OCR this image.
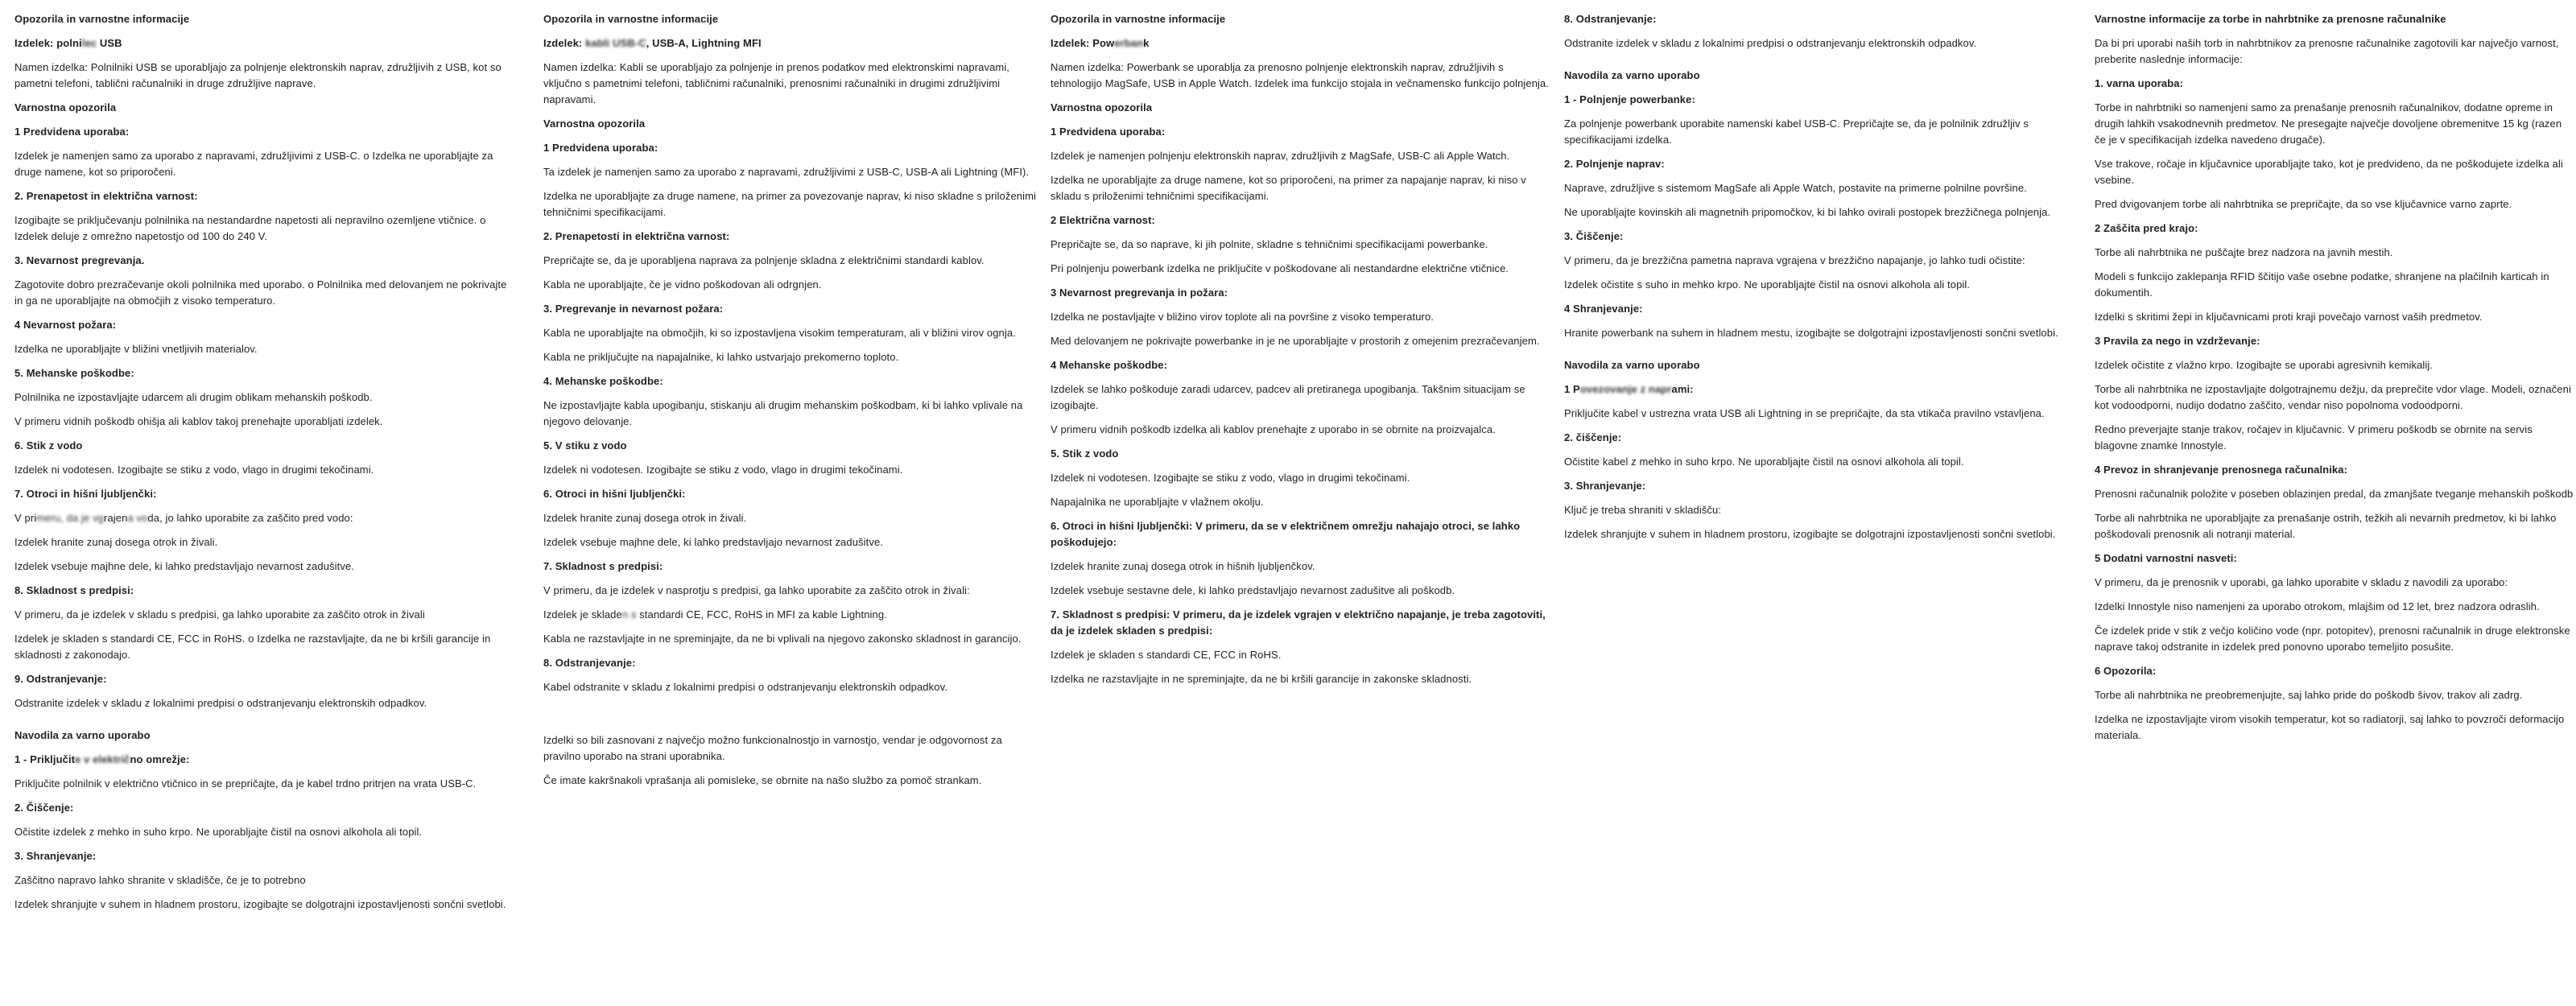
Opozorila in varnostne informacije
Izdelek: polnilec USB
Namen izdelka: Polnilniki USB se uporabljajo za polnjenje elektronskih naprav, združljivih z USB, kot so pametni telefoni, tablični računalniki in druge združljive naprave.
Varnostna opozorila
1 Predvidena uporaba:
Izdelek je namenjen samo za uporabo z napravami, združljivimi z USB-C. o Izdelka ne uporabljajte za druge namene, kot so priporočeni.
2. Prenapetost in električna varnost:
Izogibajte se priključevanju polnilnika na nestandardne napetosti ali nepravilno ozemljene vtičnice. o Izdelek deluje z omrežno napetostjo od 100 do 240 V.
3. Nevarnost pregrevanja.
Zagotovite dobro prezračevanje okoli polnilnika med uporabo. o Polnilnika med delovanjem ne pokrivajte in ga ne uporabljajte na območjih z visoko temperaturo.
4 Nevarnost požara:
Izdelka ne uporabljajte v bližini vnetljivih materialov.
5. Mehanske poškodbe:
Polnilnika ne izpostavljajte udarcem ali drugim oblikam mehanskih poškodb.
V primeru vidnih poškodb ohišja ali kablov takoj prenehajte uporabljati izdelek.
6. Stik z vodo
Izdelek ni vodotesen. Izogibajte se stiku z vodo, vlago in drugimi tekočinami.
7. Otroci in hišni ljubljenčki:
V primeru, da je vgrajena voda, jo lahko uporabite za zaščito pred vodo:
Izdelek hranite zunaj dosega otrok in živali.
Izdelek vsebuje majhne dele, ki lahko predstavljajo nevarnost zadušitve.
8. Skladnost s predpisi:
V primeru, da je izdelek v skladu s predpisi, ga lahko uporabite za zaščito otrok in živali
Izdelek je skladen s standardi CE, FCC in RoHS. o Izdelka ne razstavljajte, da ne bi kršili garancije in skladnosti z zakonodajo.
9. Odstranjevanje:
Odstranite izdelek v skladu z lokalnimi predpisi o odstranjevanju elektronskih odpadkov.
Navodila za varno uporabo
1 - Priključite v električno omrežje:
Priključite polnilnik v električno vtičnico in se prepričajte, da je kabel trdno pritrjen na vrata USB-C.
2. Čiščenje:
Očistite izdelek z mehko in suho krpo. Ne uporabljajte čistil na osnovi alkohola ali topil.
3. Shranjevanje:
Zaščitno napravo lahko shranite v skladišče, če je to potrebno
Izdelek shranjujte v suhem in hladnem prostoru, izogibajte se dolgotrajni izpostavljenosti sončni svetlobi.
Opozorila in varnostne informacije
Izdelek: kabli USB-C, USB-A, Lightning MFI
Namen izdelka: Kabli se uporabljajo za polnjenje in prenos podatkov med elektronskimi napravami, vključno s pametnimi telefoni, tabličnimi računalniki, prenosnimi računalniki in drugimi združljivimi napravami.
Varnostna opozorila
1 Predvidena uporaba:
Ta izdelek je namenjen samo za uporabo z napravami, združljivimi z USB-C, USB-A ali Lightning (MFI).
Izdelka ne uporabljajte za druge namene, na primer za povezovanje naprav, ki niso skladne s priloženimi tehničnimi specifikacijami.
2. Prenapetosti in električna varnost:
Prepričajte se, da je uporabljena naprava za polnjenje skladna z električnimi standardi kablov.
Kabla ne uporabljajte, če je vidno poškodovan ali odrgnjen.
3. Pregrevanje in nevarnost požara:
Kabla ne uporabljajte na območjih, ki so izpostavljena visokim temperaturam, ali v bližini virov ognja.
Kabla ne priključujte na napajalnike, ki lahko ustvarjajo prekomerno toploto.
4. Mehanske poškodbe:
Ne izpostavljajte kabla upogibanju, stiskanju ali drugim mehanskim poškodbam, ki bi lahko vplivale na njegovo delovanje.
5. V stiku z vodo
Izdelek ni vodotesen. Izogibajte se stiku z vodo, vlago in drugimi tekočinami.
6. Otroci in hišni ljubljenčki:
Izdelek hranite zunaj dosega otrok in živali.
Izdelek vsebuje majhne dele, ki lahko predstavljajo nevarnost zadušitve.
7. Skladnost s predpisi:
V primeru, da je izdelek v nasprotju s predpisi, ga lahko uporabite za zaščito otrok in živali:
Izdelek je skladen s standardi CE, FCC, RoHS in MFI za kable Lightning.
Kabla ne razstavljajte in ne spreminjajte, da ne bi vplivali na njegovo zakonsko skladnost in garancijo.
8. Odstranjevanje:
Kabel odstranite v skladu z lokalnimi predpisi o odstranjevanju elektronskih odpadkov.
Izdelki so bili zasnovani z največjo možno funkcionalnostjo in varnostjo, vendar je odgovornost za pravilno uporabo na strani uporabnika.
Če imate kakršnakoli vprašanja ali pomisleke, se obrnite na našo službo za pomoč strankam.
Opozorila in varnostne informacije
Izdelek: Powerbank
Namen izdelka: Powerbank se uporablja za prenosno polnjenje elektronskih naprav, združljivih s tehnologijo MagSafe, USB in Apple Watch. Izdelek ima funkcijo stojala in večnamensko funkcijo polnjenja.
Varnostna opozorila
1 Predvidena uporaba:
Izdelek je namenjen polnjenju elektronskih naprav, združljivih z MagSafe, USB-C ali Apple Watch.
Izdelka ne uporabljajte za druge namene, kot so priporočeni, na primer za napajanje naprav, ki niso v skladu s priloženimi tehničnimi specifikacijami.
2 Električna varnost:
Prepričajte se, da so naprave, ki jih polnite, skladne s tehničnimi specifikacijami powerbanke.
Pri polnjenju powerbank izdelka ne priključite v poškodovane ali nestandardne električne vtičnice.
3 Nevarnost pregrevanja in požara:
Izdelka ne postavljajte v bližino virov toplote ali na površine z visoko temperaturo.
Med delovanjem ne pokrivajte powerbanke in je ne uporabljajte v prostorih z omejenim prezračevanjem.
4 Mehanske poškodbe:
Izdelek se lahko poškoduje zaradi udarcev, padcev ali pretiranega upogibanja. Takšnim situacijam se izogibajte.
V primeru vidnih poškodb izdelka ali kablov prenehajte z uporabo in se obrnite na proizvajalca.
5. Stik z vodo
Izdelek ni vodotesen. Izogibajte se stiku z vodo, vlago in drugimi tekočinami.
Napajalnika ne uporabljajte v vlažnem okolju.
6. Otroci in hišni ljubljenčki: V primeru, da se v električnem omrežju nahajajo otroci, se lahko poškodujejo:
Izdelek hranite zunaj dosega otrok in hišnih ljubljenčkov.
Izdelek vsebuje sestavne dele, ki lahko predstavljajo nevarnost zadušitve ali poškodb.
7. Skladnost s predpisi: V primeru, da je izdelek vgrajen v električno napajanje, je treba zagotoviti, da je izdelek skladen s predpisi:
Izdelek je skladen s standardi CE, FCC in RoHS.
Izdelka ne razstavljajte in ne spreminjajte, da ne bi kršili garancije in zakonske skladnosti.
8. Odstranjevanje:
Odstranite izdelek v skladu z lokalnimi predpisi o odstranjevanju elektronskih odpadkov.
Navodila za varno uporabo
1 - Polnjenje powerbanke:
Za polnjenje powerbank uporabite namenski kabel USB-C. Prepričajte se, da je polnilnik združljiv s specifikacijami izdelka.
2. Polnjenje naprav:
Naprave, združljive s sistemom MagSafe ali Apple Watch, postavite na primerne polnilne površine.
Ne uporabljajte kovinskih ali magnetnih pripomočkov, ki bi lahko ovirali postopek brezžičnega polnjenja.
3. Čiščenje:
V primeru, da je brezžična pametna naprava vgrajena v brezžično napajanje, jo lahko tudi očistite:
Izdelek očistite s suho in mehko krpo. Ne uporabljajte čistil na osnovi alkohola ali topil.
4 Shranjevanje:
Hranite powerbank na suhem in hladnem mestu, izogibajte se dolgotrajni izpostavljenosti sončni svetlobi.
Navodila za varno uporabo
1 Povezovanje z naprami:
Priključite kabel v ustrezna vrata USB ali Lightning in se prepričajte, da sta vtikača pravilno vstavljena.
2. čiščenje:
Očistite kabel z mehko in suho krpo. Ne uporabljajte čistil na osnovi alkohola ali topil.
3. Shranjevanje:
Ključ je treba shraniti v skladišču:
Izdelek shranjujte v suhem in hladnem prostoru, izogibajte se dolgotrajni izpostavljenosti sončni svetlobi.
Varnostne informacije za torbe in nahrbtnike za prenosne računalnike
Da bi pri uporabi naših torb in nahrbtnikov za prenosne računalnike zagotovili kar največjo varnost, preberite naslednje informacije:
1. varna uporaba:
Torbe in nahrbtniki so namenjeni samo za prenašanje prenosnih računalnikov, dodatne opreme in drugih lahkih vsakodnevnih predmetov. Ne presegajte največje dovoljene obremenitve 15 kg (razen če je v specifikacijah izdelka navedeno drugače).
Vse trakove, ročaje in ključavnice uporabljajte tako, kot je predvideno, da ne poškodujete izdelka ali vsebine.
Pred dvigovanjem torbe ali nahrbtnika se prepričajte, da so vse ključavnice varno zaprte.
2 Zaščita pred krajo:
Torbe ali nahrbtnika ne puščajte brez nadzora na javnih mestih.
Modeli s funkcijo zaklepanja RFID ščitijo vaše osebne podatke, shranjene na plačilnih karticah in dokumentih.
Izdelki s skritimi žepi in ključavnicami proti kraji povečajo varnost vaših predmetov.
3 Pravila za nego in vzdrževanje:
Izdelek očistite z vlažno krpo. Izogibajte se uporabi agresivnih kemikalij.
Torbe ali nahrbtnika ne izpostavljajte dolgotrajnemu dežju, da preprečite vdor vlage. Modeli, označeni kot vodoodporni, nudijo dodatno zaščito, vendar niso popolnoma vodoodporni.
Redno preverjajte stanje trakov, ročajev in ključavnic. V primeru poškodb se obrnite na servis blagovne znamke Innostyle.
4 Prevoz in shranjevanje prenosnega računalnika:
Prenosni računalnik položite v poseben oblazinjen predal, da zmanjšate tveganje mehanskih poškodb
Torbe ali nahrbtnika ne uporabljajte za prenašanje ostrih, težkih ali nevarnih predmetov, ki bi lahko poškodovali prenosnik ali notranji material.
5 Dodatni varnostni nasveti:
V primeru, da je prenosnik v uporabi, ga lahko uporabite v skladu z navodili za uporabo:
Izdelki Innostyle niso namenjeni za uporabo otrokom, mlajšim od 12 let, brez nadzora odraslih.
Če izdelek pride v stik z večjo količino vode (npr. potopitev), prenosni računalnik in druge elektronske naprave takoj odstranite in izdelek pred ponovno uporabo temeljito posušite.
6 Opozorila:
Torbe ali nahrbtnika ne preobremenjujte, saj lahko pride do poškodb šivov, trakov ali zadrg.
Izdelka ne izpostavljajte virom visokih temperatur, kot so radiatorji, saj lahko to povzroči deformacijo materiala.
